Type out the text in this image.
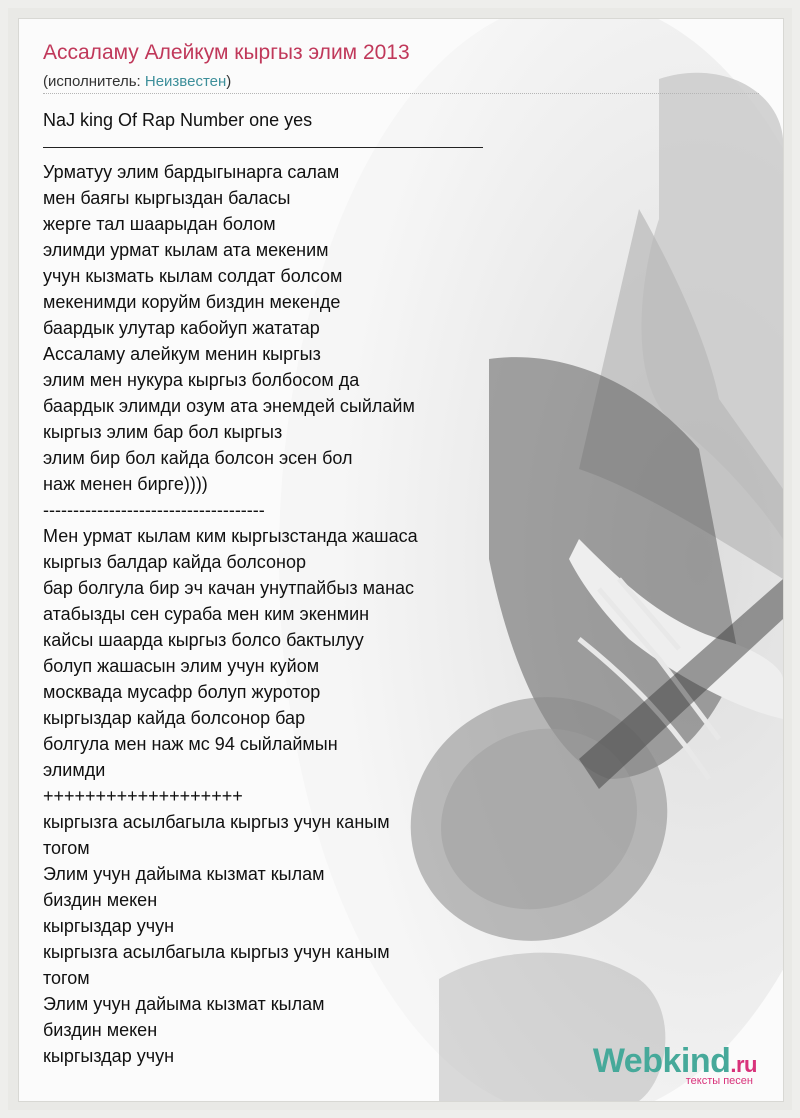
Ассаламу Алейкум кыргыз элим 2013
(исполнитель: Неизвестен)
NaJ king Of Rap Number one yes
Урматуу элим бардыгынарга салам
мен баягы кыргыздан баласы
жерге тал шаарыдан болом
элимди урмат кылам ата мекеним
учун кызмать кылам солдат болсом
мекенимди коруйм биздин мекенде
баардык улутар кабойуп жататар
Ассаламу алейкум менин кыргыз
элим мен нукура кыргыз болбосом да
баардык элимди озум ата энемдей сыйлайм
кыргыз элим бар бол кыргыз
элим бир бол кайда болсон эсен бол
наж менен бирге))))
-------------------------------------
Мен урмат кылам ким кыргызстанда жашаса
кыргыз балдар кайда болсонор
бар болгула бир эч качан унутпайбыз манас
атабызды сен сураба мен ким экенмин
кайсы шаарда кыргыз болсо бактылуу
болуп жашасын элим учун куйом
москвада мусафр болуп журотор
кыргыздар кайда болсонор бар
болгула мен наж мс 94 сыйлаймын
элимди
+++++++++++++++++++
кыргызга асылбагыла кыргыз учун каным
тогом
Элим учун дайыма кызмат кылам
биздин мекен
кыргыздар учун
кыргызга асылбагыла кыргыз учун каным
тогом
Элим учун дайыма кызмат кылам
биздин мекен
кыргыздар учун	Webkind.ru
тексты песен
